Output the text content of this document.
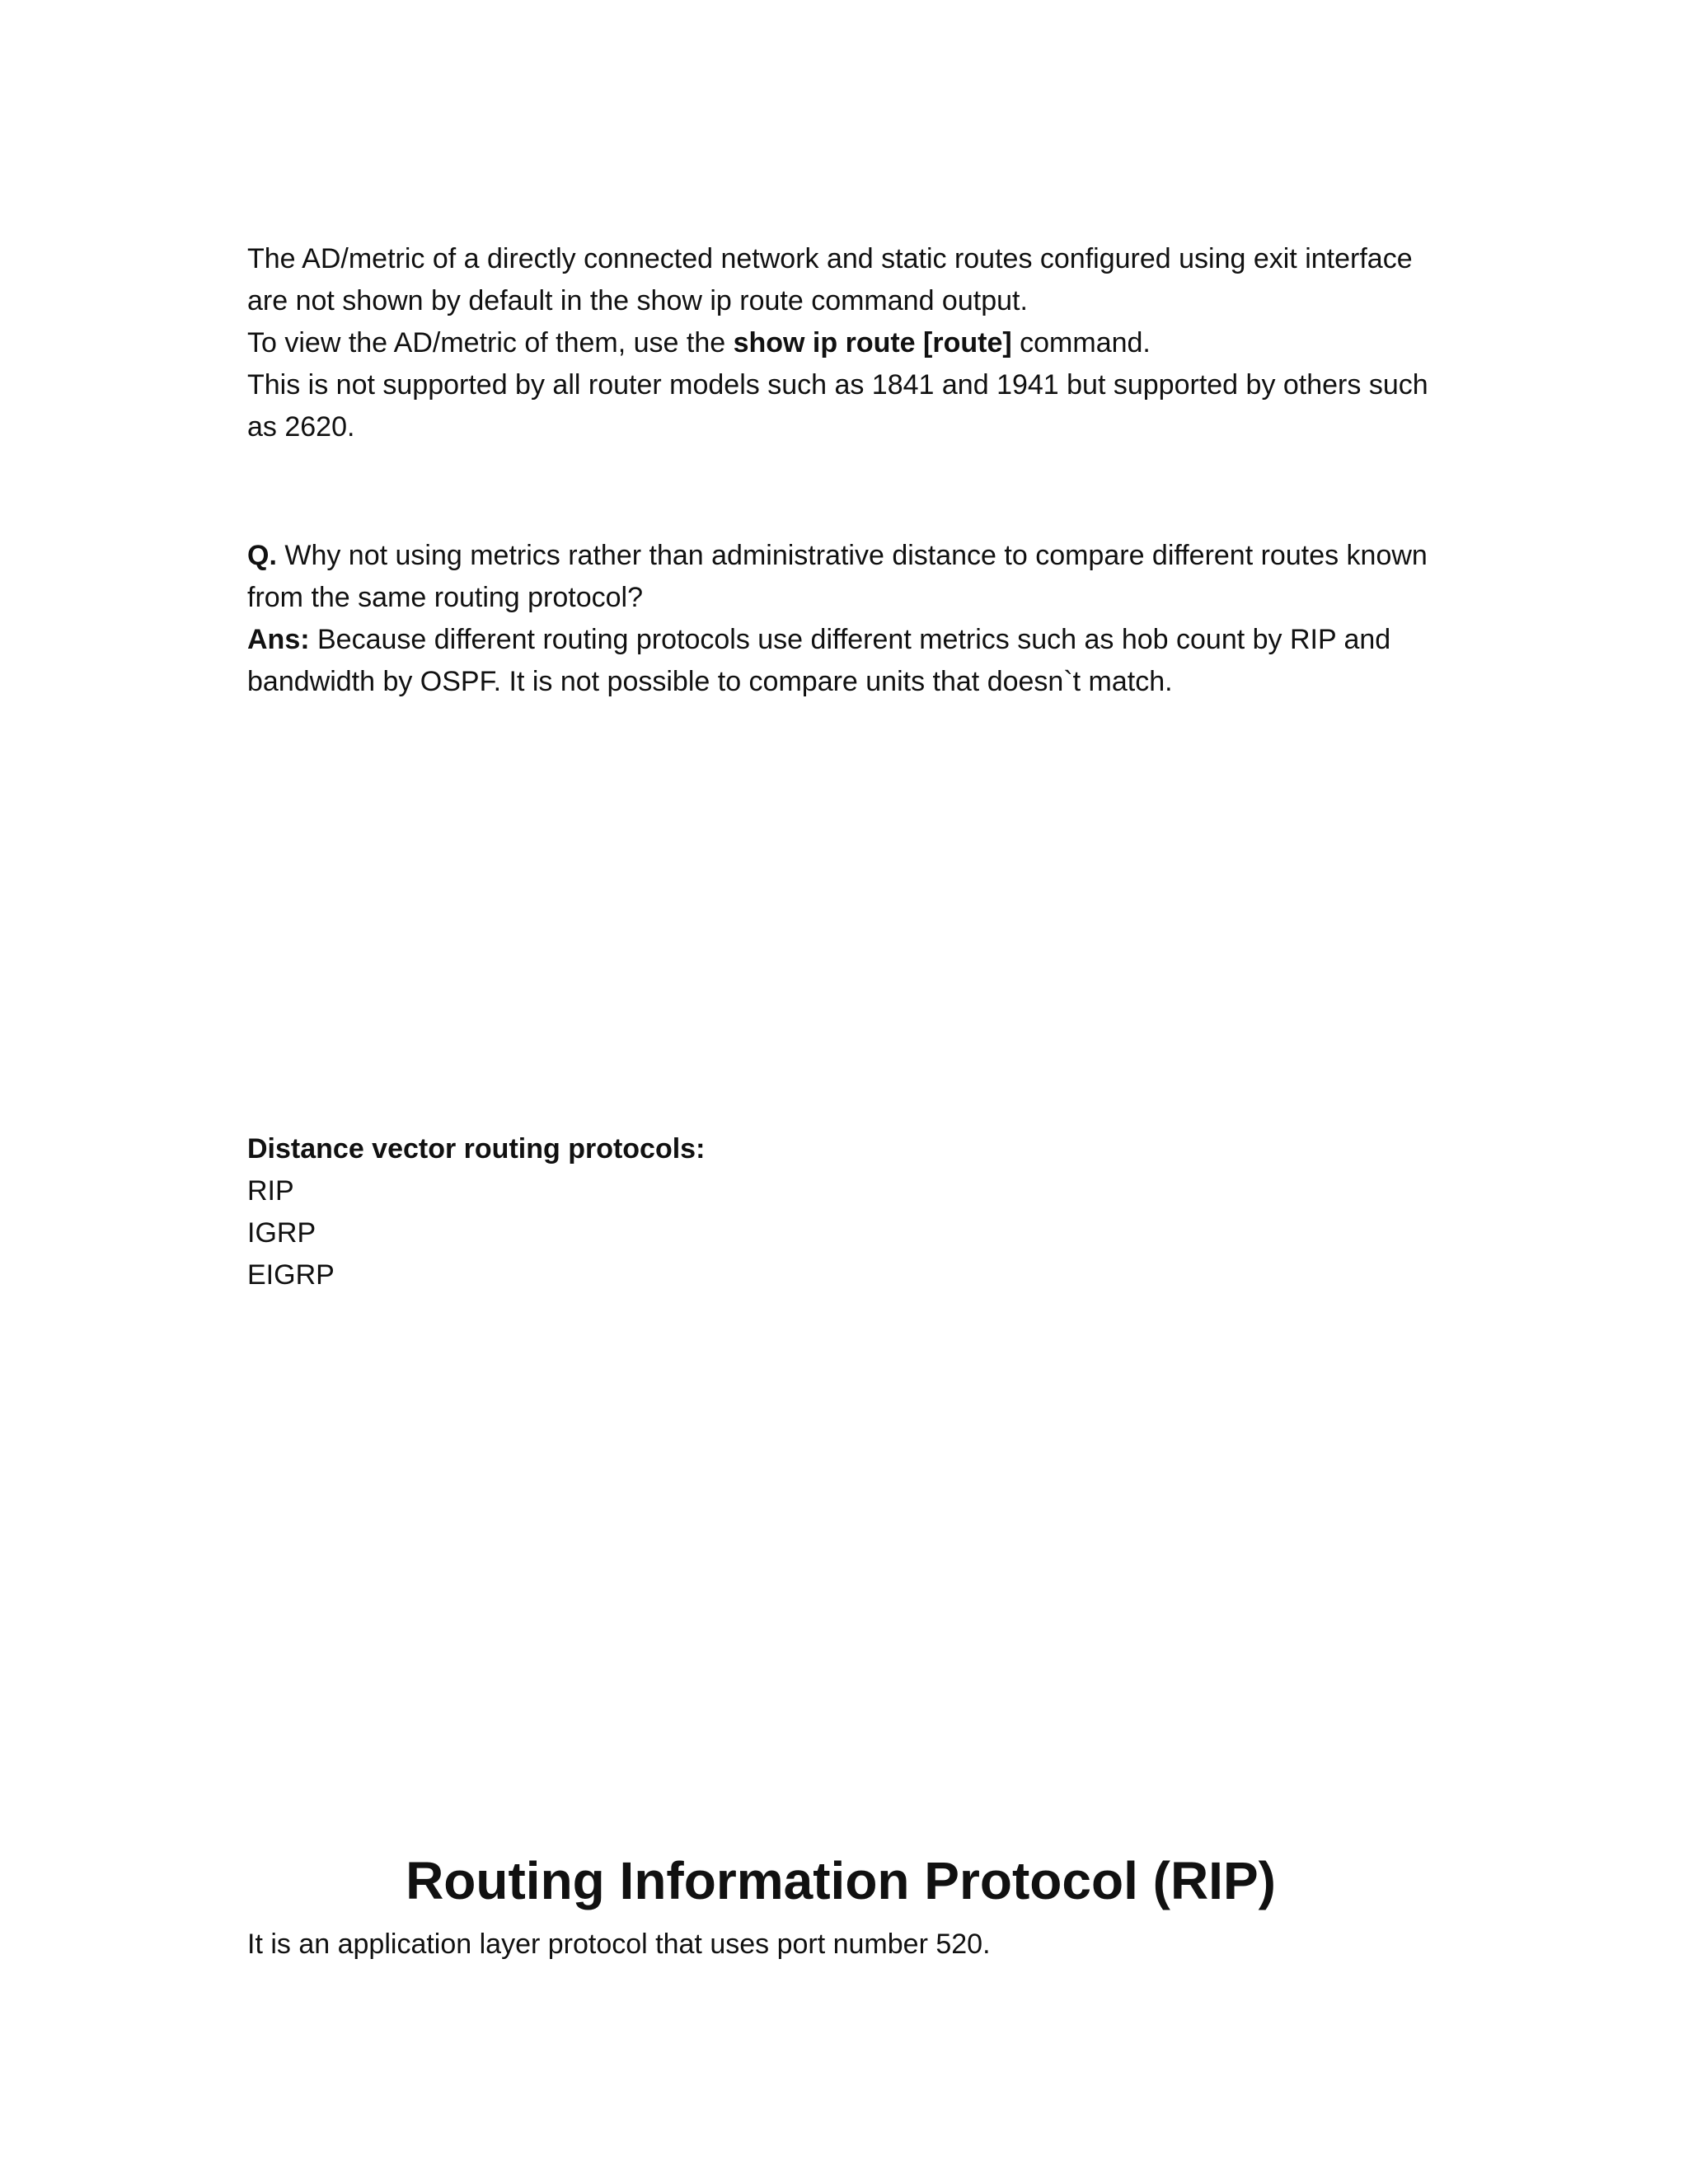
The AD/metric of a directly connected network and static routes configured using exit interface are not shown by default in the show ip route command output.

To view the AD/metric of them, use the show ip route [route] command.

This is not supported by all router models such as 1841 and 1941 but supported by others such as 2620.

Q. Why not using metrics rather than administrative distance to compare different routes known from the same routing protocol?

Ans: Because different routing protocols use different metrics such as hob count by RIP and bandwidth by OSPF. It is not possible to compare units that doesn`t match.

Distance vector routing protocols:

RIP

IGRP

EIGRP

Routing Information Protocol (RIP)

It is an application layer protocol that uses port number 520.
